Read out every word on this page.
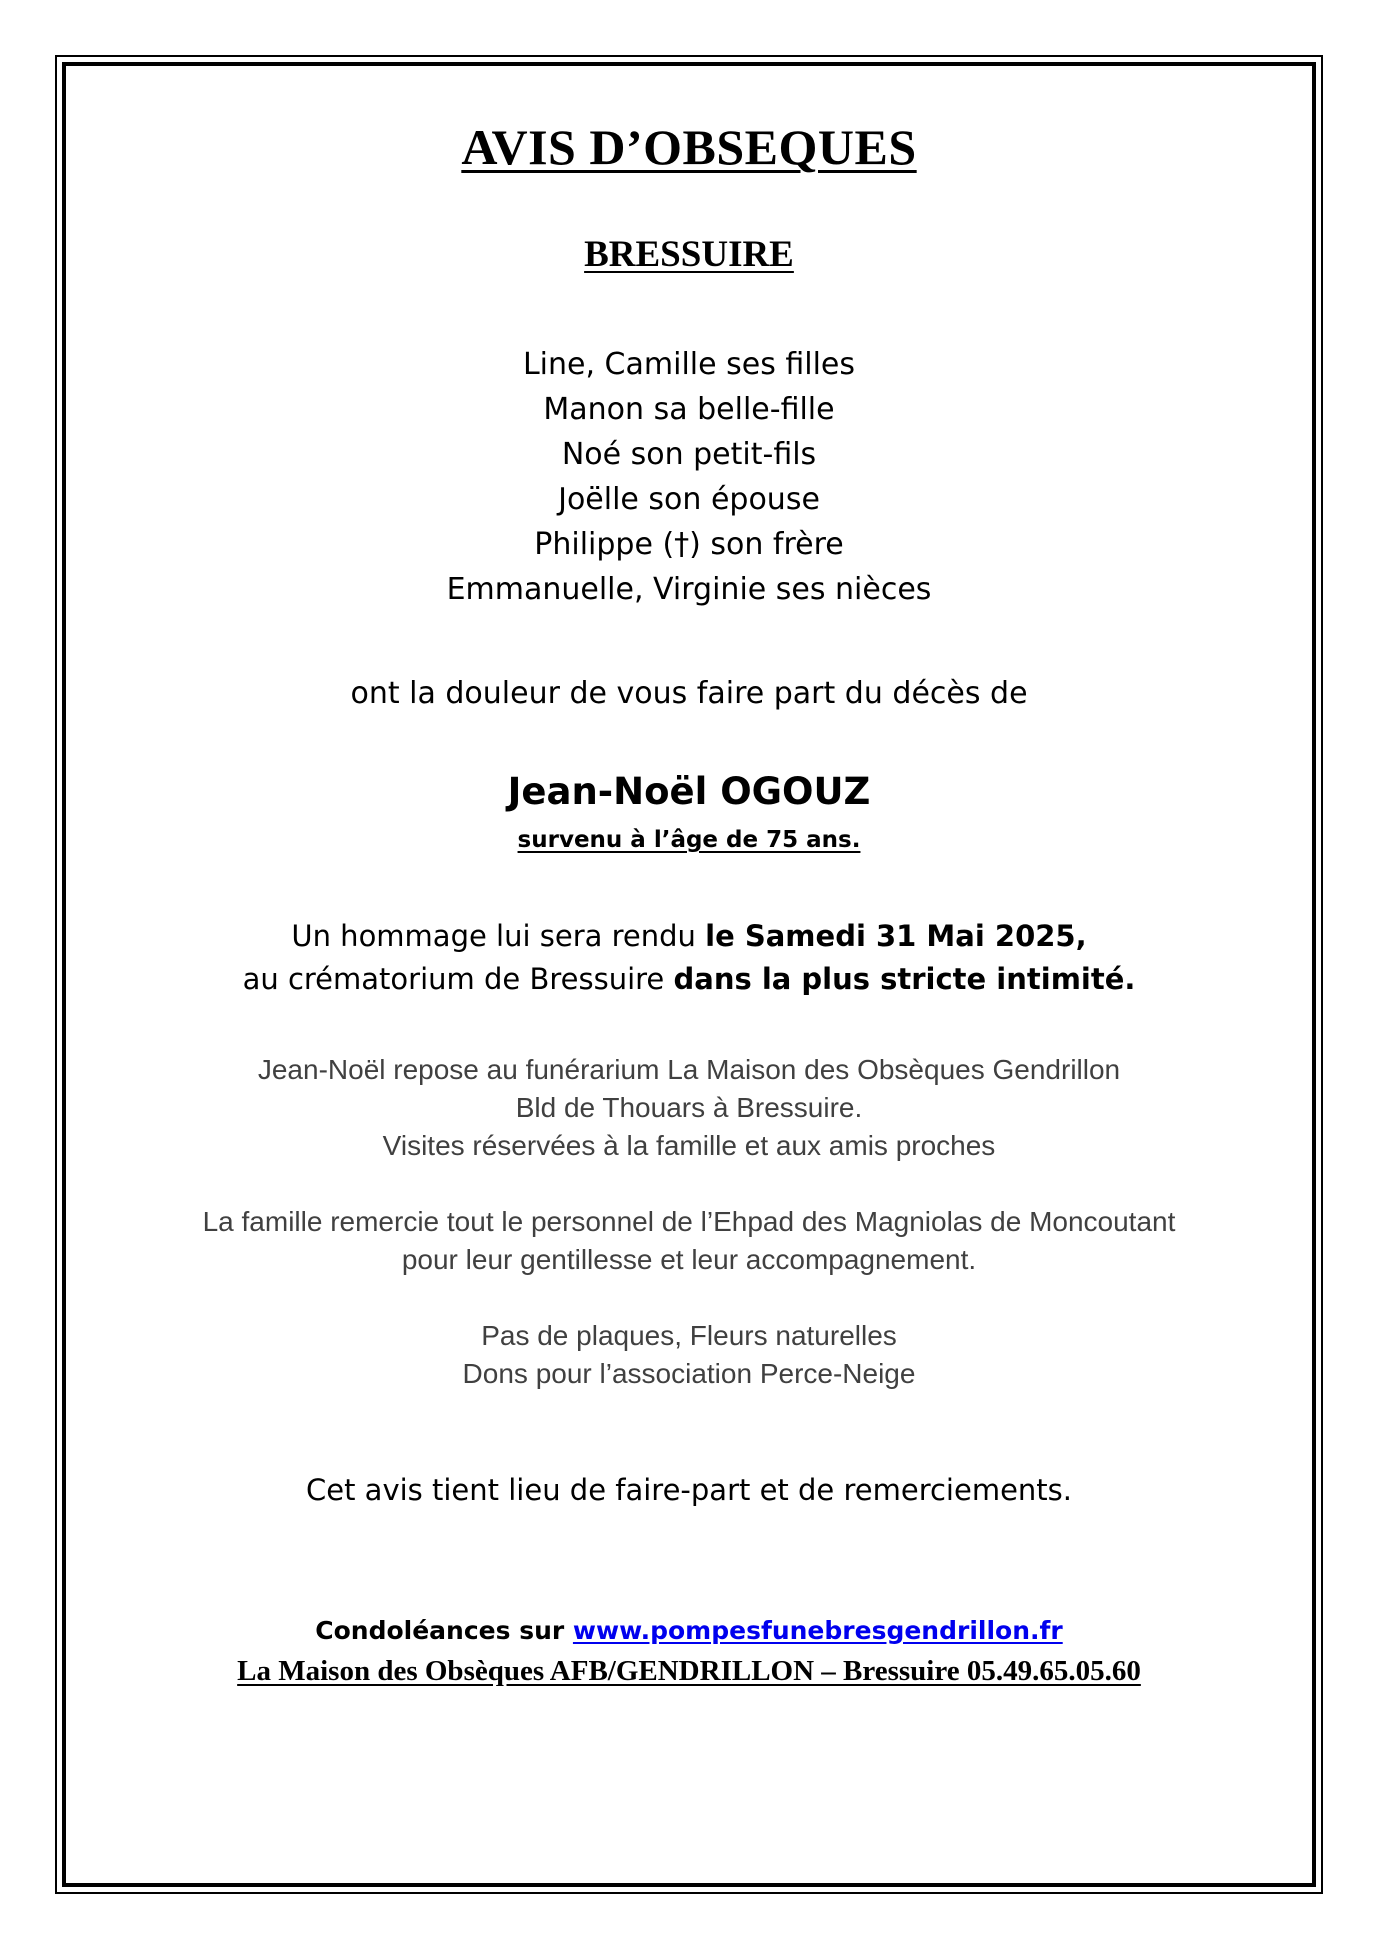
AVIS D’OBSEQUES
BRESSUIRE
Line, Camille ses filles
Manon sa belle-fille
Noé son petit-fils
Joëlle son épouse
Philippe (†) son frère
Emmanuelle, Virginie ses nièces
ont la douleur de vous faire part du décès de
Jean-Noël OGOUZ
survenu à l’âge de 75 ans.
Un hommage lui sera rendu le Samedi 31 Mai 2025,
au crématorium de Bressuire dans la plus stricte intimité.
Jean-Noël repose au funérarium La Maison des Obsèques Gendrillon
Bld de Thouars à Bressuire.
Visites réservées à la famille et aux amis proches
La famille remercie tout le personnel de l’Ehpad des Magniolas de Moncoutant
pour leur gentillesse et leur accompagnement.
Pas de plaques, Fleurs naturelles
Dons pour l’association Perce-Neige
Cet avis tient lieu de faire-part et de remerciements.
Condoléances sur www.pompesfunebresgendrillon.fr
La Maison des Obsèques AFB/GENDRILLON – Bressuire 05.49.65.05.60
